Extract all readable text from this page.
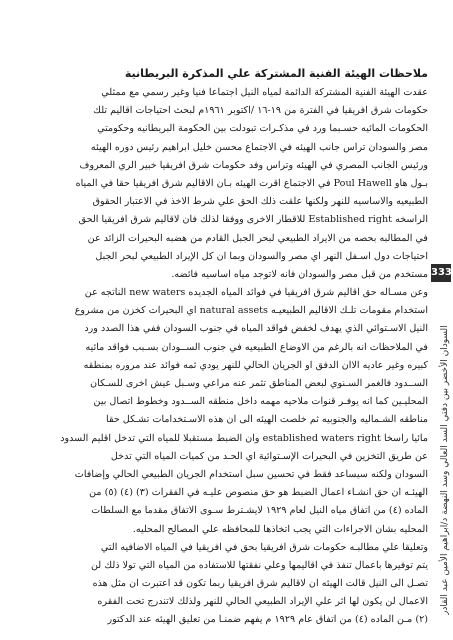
ملاحظات الهيئة الفنية المشتركة علي المذكرة البريطانية
عقدت الهيئة الفنية المشتركة الدائمة لمياه النيل اجتماعا فنيا وغير رسمي مع ممثلي
حكومات شرق افريقيا في الفترة من ١٩-١٦ /اكتوبر ١٩٦١م لبحث احتياجات اقاليم تلك
الحكومات المائيه حسـبما ورد في مذكـرات تبودلت بين الحكومة البريطانيه وحكومتي
مصر والسودان تراس جانب الهيئه في الاجتماع محسن خليل ابراهيم رئيس دوره الهيئه
ورئيس الجانب المصري في الهيئه وتراس وفد حكومات شرق افريقيا خبير الري المعروف
بـول هاو Poul Hawell في الاجتماع اقرت الهيئه بـان الاقاليم شرق افريقيا حقا في المياه
الطبيعيه والاساسيه للنهر ولكنها علقت ذلك الحق علي شرط الاخذ في الاعتبار الحقوق
الراسخه Established right للاقطار الاخرى ووفقا لذلك فان لاقاليم شرق افريقيا الحق
في المطالبه بحصه من الايراد الطبيعي لبحر الجبل القادم من هضبه البحيرات الزائد عن
احتياجات دول اسـفل النهر اي مصر والسودان وبما ان كل الإيراد الطبيعي لبحر الجبل
مستخدم من قبل مصر والسودان فانه لاتوجد مياه اساسيه فائضه.
وعن مسـاله حق اقاليم شرق افريقيا في فوائد المياه الجديده new waters الناتجه عن
استخدام مقومات تلـك الاقاليم الطبيعيـه natural assets اي البحيرات كخزن من مشروع
النيل الاسـتوائي الذي يهدف لخفض فواقد المياه في جنوب السودان ففي هذا الصدد ورد
في الملاحظات انه بالرغم من الاوضاع الطبيعيه في جنوب الســودان بسـبب فواقد مائيه
كبيره وغير عاديه الاان الدفق او الجريان الحالي للنهر يودي ثمه فوائد عند مروره بمنطقه
الســدود فالغمر السـنوي لبعض المناطق تثمر عنه مراعي وسـبل عيش اخرى للسـكان
المحليـين كما انه يوفـر قنوات ملاحيه مهمه داخل منطقه الســدود وخطوط اتصال بين
مناطقه الشـماليه والجنوبيه ثم خلصت الهيئه الى ان هذه الاسـتخدامات تشـكل حقا
مائيا راسخا established waters right وان الضبط مستقبلا للمياه التي تدخل اقليم السدود
عن طريق التخزين في البحيرات الإسـتوائية اي الحـد من كميات المياه التي تدخل
السودان ولكنه سيساعد فقط في تحسين سبل استخدام الجريان الطبيعي الحالي وإضافات
الهيئـه ان حق انشـاء اعمال الضبط هو حق منصوص عليـه في الفقرات (٣) (٤) (٥) من
الماده (٤) من اتفاق مياه النيل لعام ١٩٢٩ لايشـترط سـوى الاتفاق مقدما مع السلطات
المحليه بشان الاجراءات التي يجب اتخاذها للمحافظه علي المصالح المحليه.
وتعليقا علي مطالبـه حكومات شرق افريقيا بحق في افريقيا في المياه الاضافيه التي
يتم توفيرها باعمال تنفذ في اقاليمها وعلي نفقتها للاستفاده من المياه التي تولا ذلك لن
تصـل الى النيل قالت الهيئه ان لاقاليم شرق افريقيا ربما تكون قد اعتبرت ان مثل هذه
الاعمال لن يكون لها اثر علي الإيراد الطبيعي الحالي للنهر ولذلك لاتندرج تحت الفقره
(٢) مـن الماده (٤) من اتفاق عام ١٩٢٩ م يفهم ضمنـا من تعليق الهيئه عند الدكتور
333
السودان الأخضر بين دفتي السد العالي وسد النهضة د/ابراهيم الأمين عبد القادر
